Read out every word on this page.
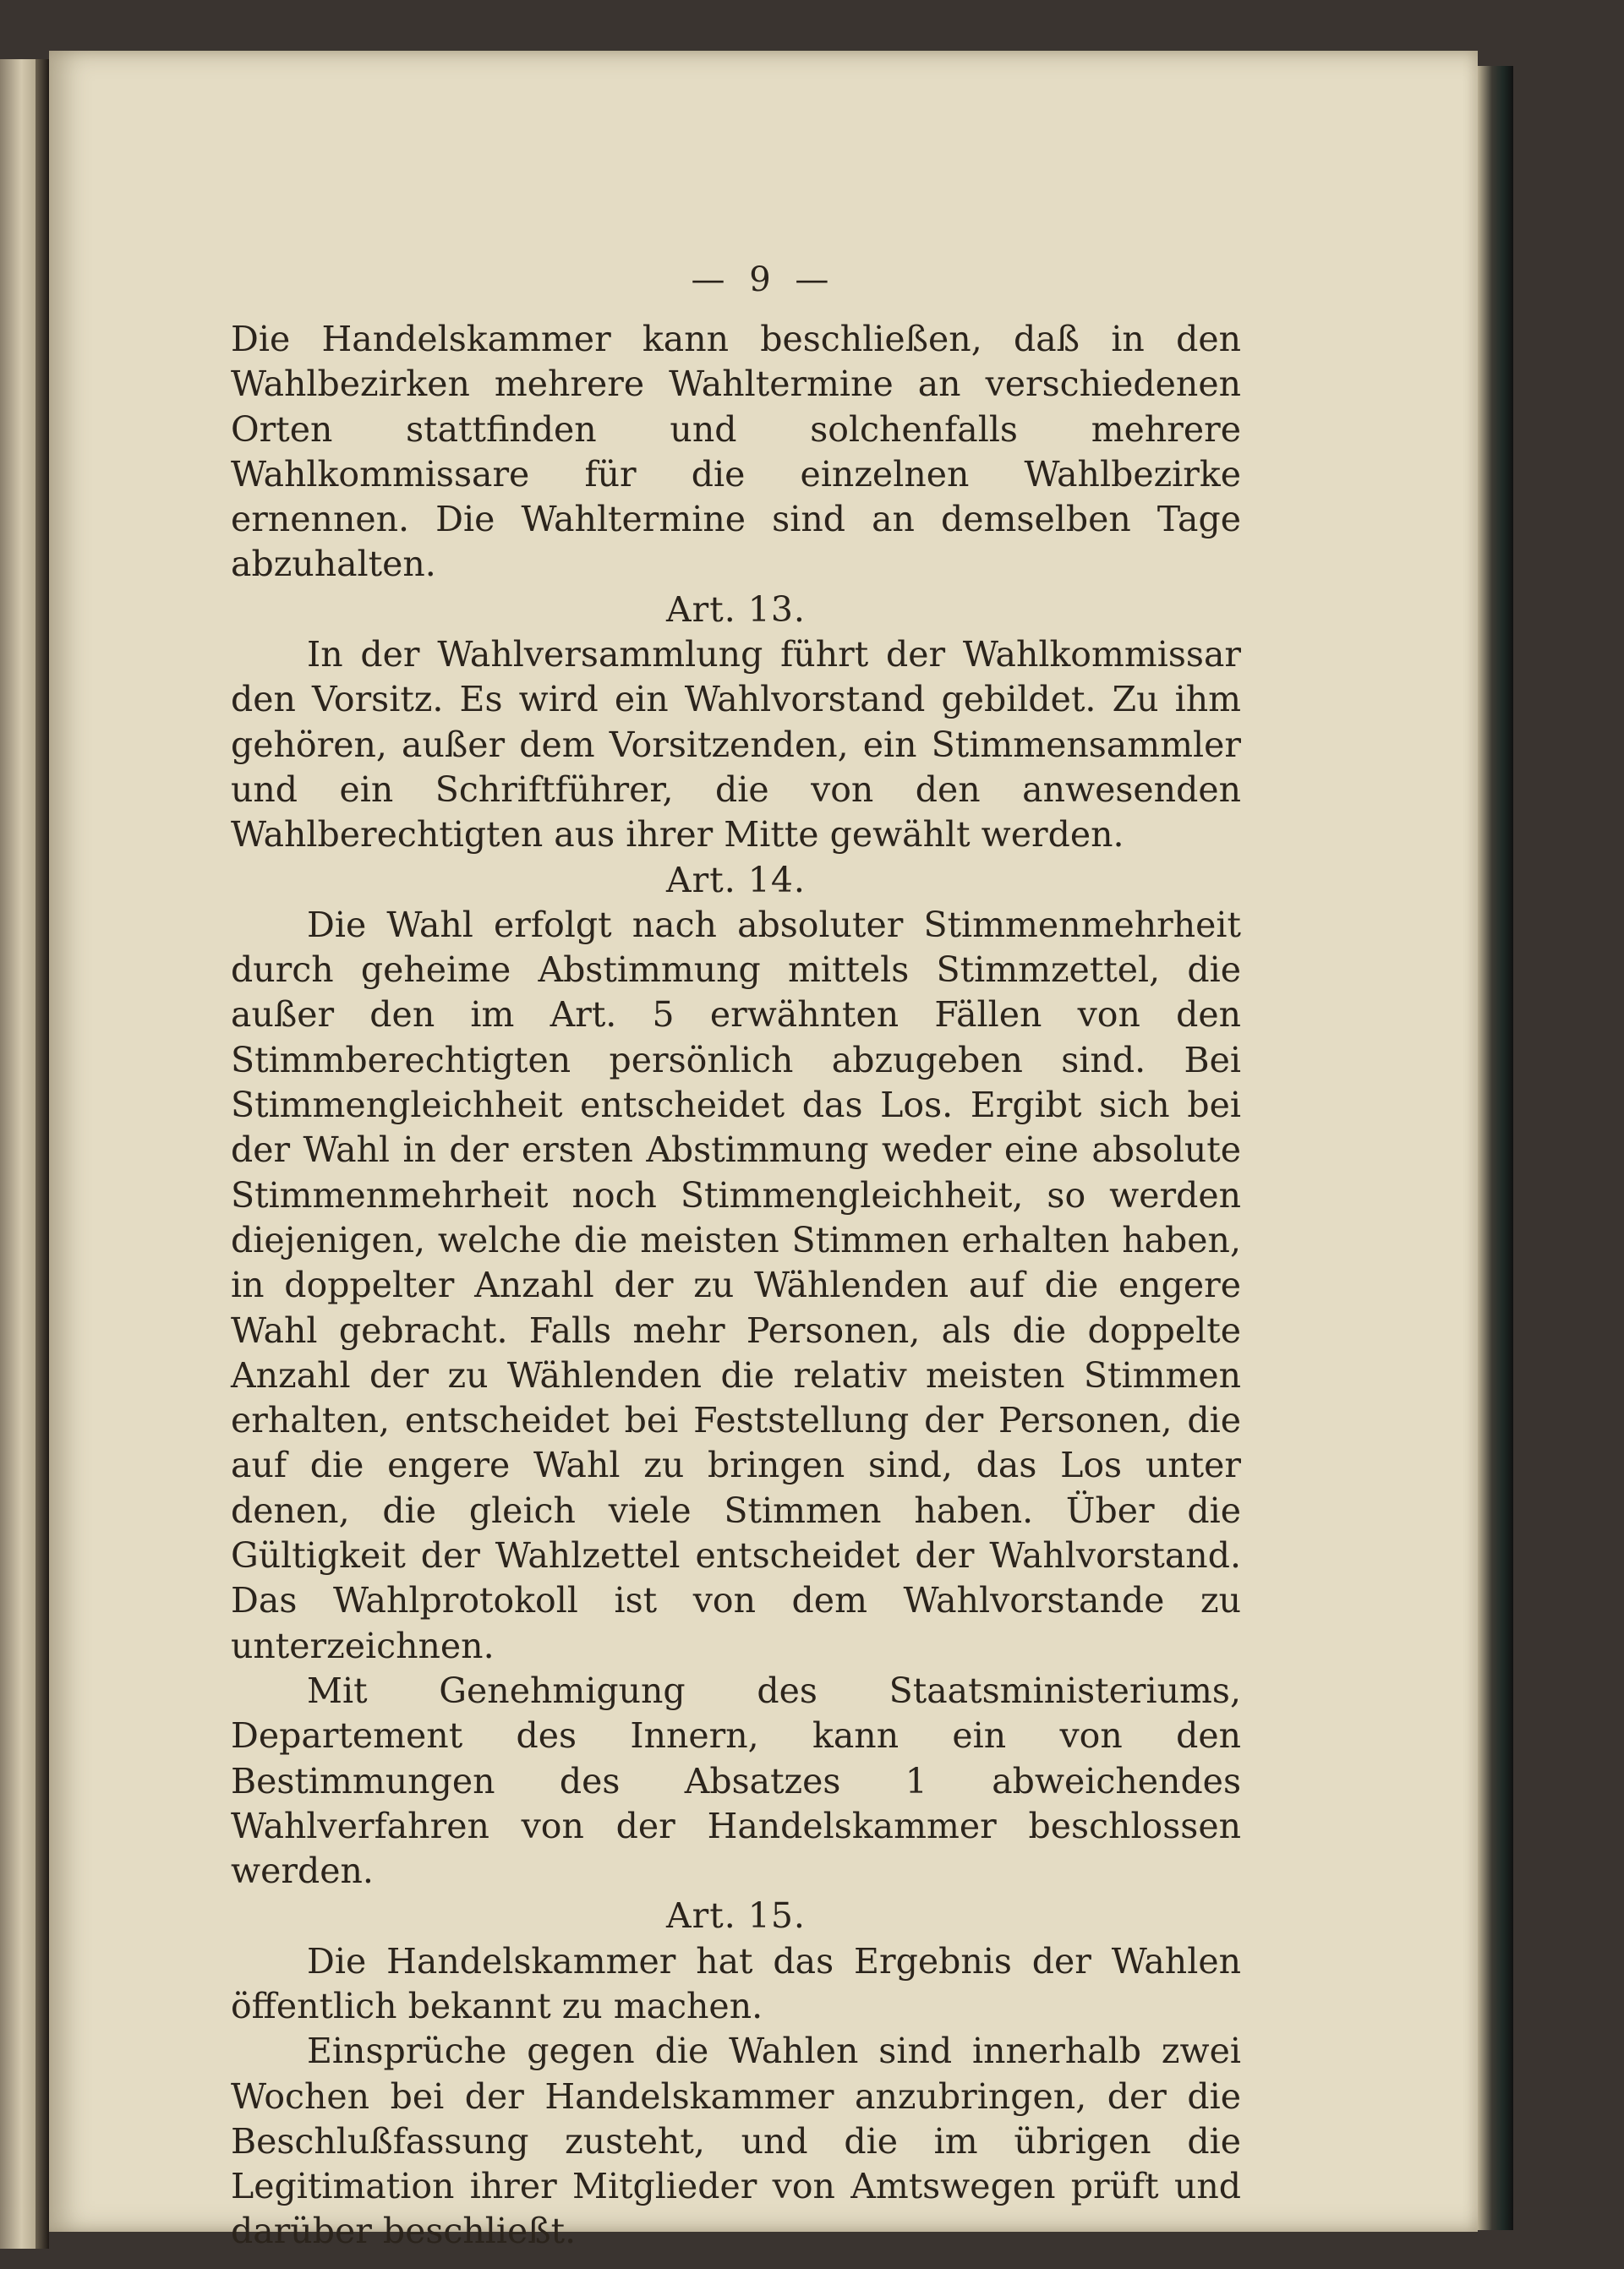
— 9 —

Die Handelskammer kann beschließen, daß in den Wahlbezirken mehrere Wahltermine an verschiedenen Orten stattfinden und solchenfalls mehrere Wahlkommissare für die einzelnen Wahlbezirke ernennen. Die Wahltermine sind an demselben Tage abzuhalten.

Art. 13.

In der Wahlversammlung führt der Wahlkommissar den Vorsitz. Es wird ein Wahlvorstand gebildet. Zu ihm gehören, außer dem Vorsitzenden, ein Stimmensammler und ein Schriftführer, die von den anwesenden Wahlberechtigten aus ihrer Mitte gewählt werden.

Art. 14.

Die Wahl erfolgt nach absoluter Stimmenmehrheit durch geheime Abstimmung mittels Stimmzettel, die außer den im Art. 5 erwähnten Fällen von den Stimmberechtigten persönlich abzugeben sind. Bei Stimmengleichheit entscheidet das Los. Ergibt sich bei der Wahl in der ersten Abstimmung weder eine absolute Stimmenmehrheit noch Stimmengleichheit, so werden diejenigen, welche die meisten Stimmen erhalten haben, in doppelter Anzahl der zu Wählenden auf die engere Wahl gebracht. Falls mehr Personen, als die doppelte Anzahl der zu Wählenden die relativ meisten Stimmen erhalten, entscheidet bei Feststellung der Personen, die auf die engere Wahl zu bringen sind, das Los unter denen, die gleich viele Stimmen haben. Über die Gültigkeit der Wahlzettel entscheidet der Wahlvorstand. Das Wahlprotokoll ist von dem Wahlvorstande zu unterzeichnen.

Mit Genehmigung des Staatsministeriums, Departement des Innern, kann ein von den Bestimmungen des Absatzes 1 abweichendes Wahlverfahren von der Handelskammer beschlossen werden.

Art. 15.

Die Handelskammer hat das Ergebnis der Wahlen öffentlich bekannt zu machen.

Einsprüche gegen die Wahlen sind innerhalb zwei Wochen bei der Handelskammer anzubringen, der die Beschlußfassung zusteht, und die im übrigen die Legitimation ihrer Mitglieder von Amtswegen prüft und darüber beschließt.
